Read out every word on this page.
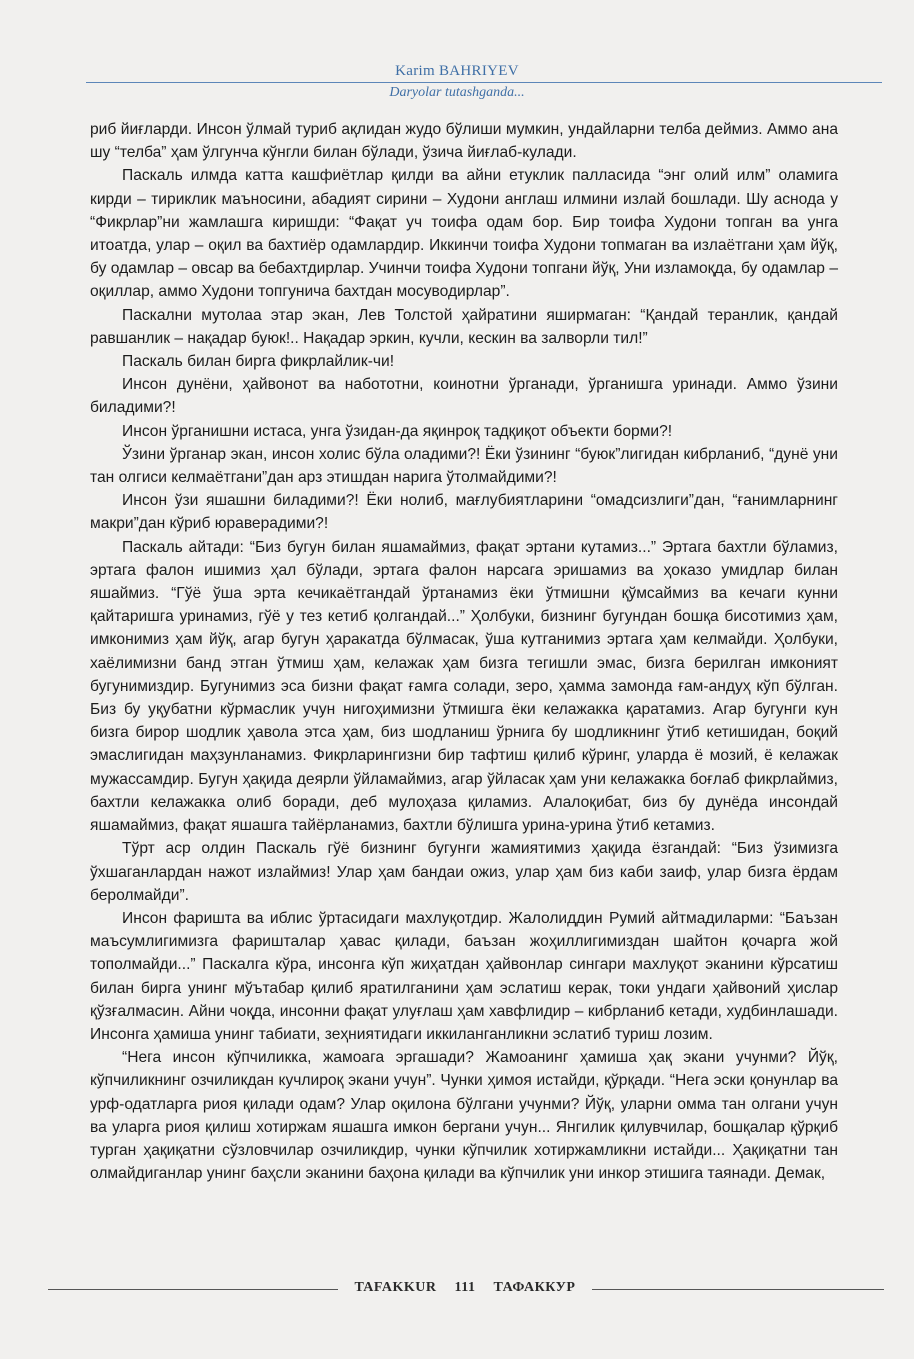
Karim BAHRIYEV
Daryolar tutashganda...

риб йиғларди. Инсон ўлмай туриб ақлидан жудо бўлиши мумкин, ундайларни телба деймиз. Аммо ана шу “телба” ҳам ўлгунча кўнгли билан бўлади, ўзича йиғлаб-кулади.

Паскаль илмда катта кашфиётлар қилди ва айни етуклик палласида “энг олий илм” оламига кирди – тириклик маъносини, абадият сирини – Худони англаш илмини излай бошлади. Шу аснода у “Фикрлар”ни жамлашга киришди: “Фақат уч тоифа одам бор. Бир тоифа Худони топган ва унга итоатда, улар – оқил ва бахтиёр одамлардир. Иккинчи тоифа Худони топмаган ва излаётгани ҳам йўқ, бу одамлар – овсар ва бебахтдирлар. Учинчи тоифа Худони топгани йўқ, Уни изламоқда, бу одамлар – оқиллар, аммо Худони топгунича бахтдан мосуводирлар”.

Паскални мутолаа этар экан, Лев Толстой ҳайратини яширмаган: “Қандай теранлик, қандай равшанлик – нақадар буюк!.. Нақадар эркин, кучли, кескин ва залворли тил!”

Паскаль билан бирга фикрлайлик-чи!

Инсон дунёни, ҳайвонот ва набототни, коинотни ўрганади, ўрганишга уринади. Аммо ўзини биладими?!

Инсон ўрганишни истаса, унга ўзидан-да яқинроқ тадқиқот объекти борми?!

Ўзини ўрганар экан, инсон холис бўла оладими?! Ёки ўзининг “буюк”лигидан кибрланиб, “дунё уни тан олгиси келмаётгани”дан арз этишдан нарига ўтолмайдими?!

Инсон ўзи яшашни биладими?! Ёки нолиб, мағлубиятларини “омадсизлиги”дан, “ғанимларнинг макри”дан кўриб юраверадими?!

Паскаль айтади: “Биз бугун билан яшамаймиз, фақат эртани кутамиз...” Эртага бахтли бўламиз, эртага фалон ишимиз ҳал бўлади, эртага фалон нарсага эришамиз ва ҳоказо умидлар билан яшаймиз. “Гўё ўша эрта кечикаётгандай ўртанамиз ёки ўтмишни қўмсаймиз ва кечаги кунни қайтаришга уринамиз, гўё у тез кетиб қолгандай...” Ҳолбуки, бизнинг бугундан бошқа бисотимиз ҳам, имконимиз ҳам йўқ, агар бугун ҳаракатда бўлмасак, ўша кутганимиз эртага ҳам келмайди. Ҳолбуки, хаёлимизни банд этган ўтмиш ҳам, келажак ҳам бизга тегишли эмас, бизга берилган имконият бугунимиздир. Бугунимиз эса бизни фақат ғамга солади, зеро, ҳамма замонда ғам-андуҳ кўп бўлган. Биз бу уқубатни кўрмаслик учун нигоҳимизни ўтмишга ёки келажакка қаратамиз. Агар бугунги кун бизга бирор шодлик ҳавола этса ҳам, биз шодланиш ўрнига бу шодликнинг ўтиб кетишидан, боқий эмаслигидан маҳзунланамиз. Фикрларингизни бир тафтиш қилиб кўринг, уларда ё мозий, ё келажак мужассамдир. Бугун ҳақида деярли ўйламаймиз, агар ўйласак ҳам уни келажакка боғлаб фикрлаймиз, бахтли келажакка олиб боради, деб мулоҳаза қиламиз. Алалоқибат, биз бу дунёда инсондай яшамаймиз, фақат яшашга тайёрланамиз, бахтли бўлишга урина-урина ўтиб кетамиз.

Тўрт аср олдин Паскаль гўё бизнинг бугунги жамиятимиз ҳақида ёзгандай: “Биз ўзимизга ўхшаганлардан нажот излаймиз! Улар ҳам бандаи ожиз, улар ҳам биз каби заиф, улар бизга ёрдам беролмайди”.

Инсон фаришта ва иблис ўртасидаги махлуқотдир. Жалолиддин Румий айтмадиларми: “Баъзан маъсумлигимизга фаришталар ҳавас қилади, баъзан жоҳиллигимиздан шайтон қочарга жой тополмайди...” Паскалга кўра, инсонга кўп жиҳатдан ҳайвонлар сингари махлуқот эканини кўрсатиш билан бирга унинг мўътабар қилиб яратилганини ҳам эслатиш керак, токи ундаги ҳайвоний ҳислар қўзғалмасин. Айни чоқда, инсонни фақат улуғлаш ҳам хавфлидир – кибрланиб кетади, худбинлашади. Инсонга ҳамиша унинг табиати, зеҳниятидаги иккиланганликни эслатиб туриш лозим.

“Нега инсон кўпчиликка, жамоага эргашади? Жамоанинг ҳамиша ҳақ экани учунми? Йўқ, кўпчиликнинг озчиликдан кучлироқ экани учун”. Чунки ҳимоя истайди, қўрқади. “Нега эски қонунлар ва урф-одатларга риоя қилади одам? Улар оқилона бўлгани учунми? Йўқ, уларни омма тан олгани учун ва уларга риоя қилиш хотиржам яшашга имкон бергани учун... Янгилик қилувчилар, бошқалар қўрқиб турган ҳақиқатни сўзловчилар озчиликдир, чунки кўпчилик хотиржамликни истайди... Ҳақиқатни тан олмайдиганлар унинг баҳсли эканини баҳона қилади ва кўпчилик уни инкор этишига таянади. Демак,

TAFAKKUR 111 ТАФАККУР
